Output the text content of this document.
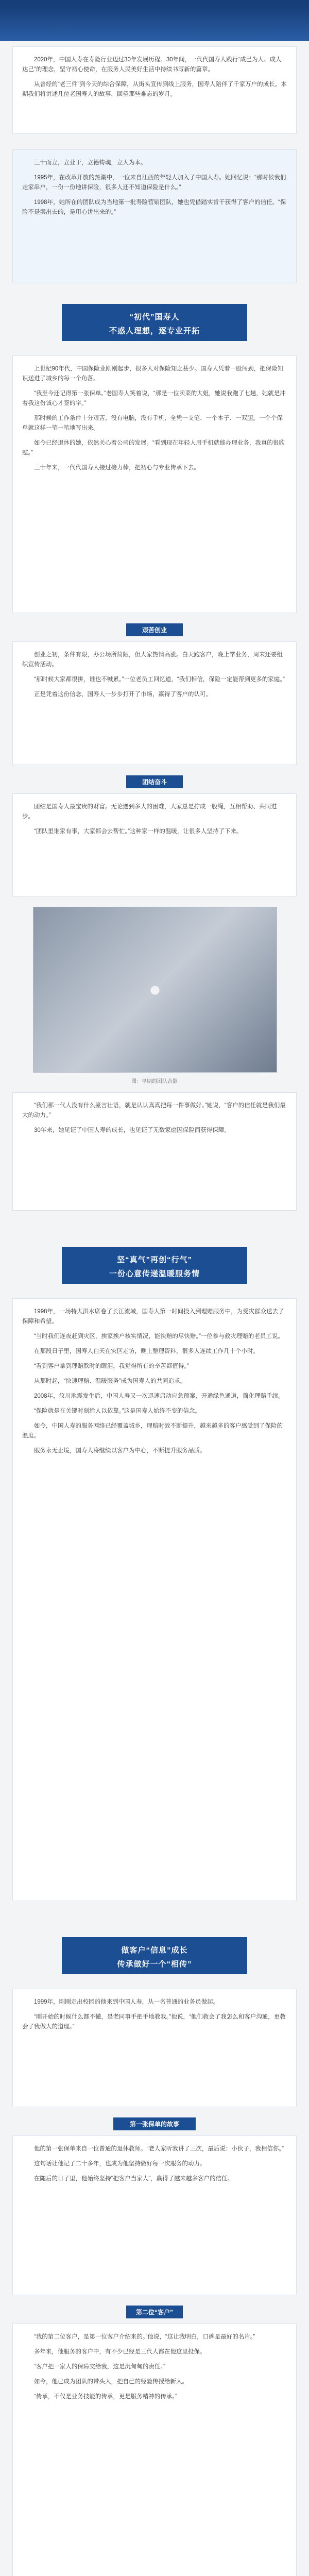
2020年，中国人寿在寿险行业迈过30年发展历程。30年间，一代代国寿人践行“成己为人、成人达己”的理念，坚守初心使命，在服务人民美好生活中持续书写新的篇章。

从曾经的“老三件”到今天的综合保障，从街头宣传到线上服务，国寿人陪伴了千家万户的成长。本期我们将讲述几位老国寿人的故事，回望那些难忘的岁月。

三十而立，立业于，立德铸魂，立人为本。

1995年，在改革开放的热潮中，一位来自江西的年轻人加入了中国人寿。她回忆说：“那时候我们走家串户，一份一份地讲保险，很多人还不知道保险是什么。”

1998年，她所在的团队成为当地第一批寿险营销团队，她也凭借踏实肯干获得了客户的信任。“保险不是卖出去的，是用心讲出来的。”

“初代”国寿人
不惑人理想，逐专业开拓

上世纪90年代，中国保险业刚刚起步，很多人对保险知之甚少。国寿人凭着一股闯劲，把保险知识送进了城乡的每一个角落。

“我至今还记得第一张保单。”老国寿人笑着说，“那是一位卖菜的大姐，她说我跑了七趟，她就是冲着我这份诚心才签的字。”

那时候的工作条件十分艰苦，没有电脑，没有手机，全凭一支笔、一个本子、一双腿。一个个保单就这样一笔一笔地写出来。

如今已经退休的她，依然关心着公司的发展。“看到现在年轻人用手机就能办理业务，我真的很欣慰。”

三十年来，一代代国寿人接过接力棒，把初心与专业传承下去。

艰苦创业

创业之初，条件有限，办公场所简陋，但大家热情高涨。白天跑客户，晚上学业务，周末还要组织宣传活动。

“那时候大家都很拼，谁也不喊累。”一位老员工回忆道，“我们相信，保险一定能帮到更多的家庭。”

正是凭着这份信念，国寿人一步步打开了市场，赢得了客户的认可。

团结奋斗

团结是国寿人最宝贵的财富。无论遇到多大的困难，大家总是拧成一股绳，互相帮助、共同进步。

“团队里谁家有事，大家都会去帮忙。”这种家一样的温暖，让很多人坚持了下来。

●
图：早期的团队合影

“我们那一代人没有什么豪言壮语，就是认认真真把每一件事做好。”她说，“客户的信任就是我们最大的动力。”

30年来，她见证了中国人寿的成长，也见证了无数家庭因保险而获得保障。

坚“真气”再创“行气”
一份心意传递温暖服务情

1998年，一场特大洪水席卷了长江流域，国寿人第一时间投入到理赔服务中，为受灾群众送去了保障和希望。

“当时我们连夜赶到灾区，挨家挨户核实情况，能快赔的尽快赔。”一位参与救灾理赔的老员工说。

在那段日子里，国寿人白天在灾区走访，晚上整理资料，很多人连续工作几十个小时。

“看到客户拿到理赔款时的眼泪，我觉得所有的辛苦都值得。”

从那时起，“快速理赔、温暖服务”成为国寿人的共同追求。

2008年，汶川地震发生后，中国人寿又一次迅速启动应急预案，开通绿色通道，简化理赔手续。

“保险就是在关键时刻给人以依靠。”这是国寿人始终不变的信念。

如今，中国人寿的服务网络已经覆盖城乡，理赔时效不断提升，越来越多的客户感受到了保险的温度。

服务永无止境，国寿人将继续以客户为中心，不断提升服务品质。

做客户“信息”成长
传承做好一个“相传”

1999年，刚刚走出校园的他来到中国人寿，从一名普通的业务员做起。

“刚开始的时候什么都不懂，是老同事手把手地教我。”他说，“他们教会了我怎么和客户沟通，更教会了我做人的道理。”

第一张保单的故事

他的第一张保单来自一位普通的退休教师。“老人家听我讲了三次，最后说：小伙子，我相信你。”

这句话让他记了二十多年，也成为他坚持做好每一次服务的动力。

在随后的日子里，他始终坚持“把客户当家人”，赢得了越来越多客户的信任。

第二位“客户”

“我的第二位客户，是第一位客户介绍来的。”他说，“这让我明白，口碑是最好的名片。”

多年来，他服务的客户中，有不少已经是三代人都在他这里投保。

“客户把一家人的保障交给我，这是沉甸甸的责任。”

如今，他已成为团队的带头人，把自己的经验传授给新人。

“传承，不仅是业务技能的传承，更是服务精神的传承。”
